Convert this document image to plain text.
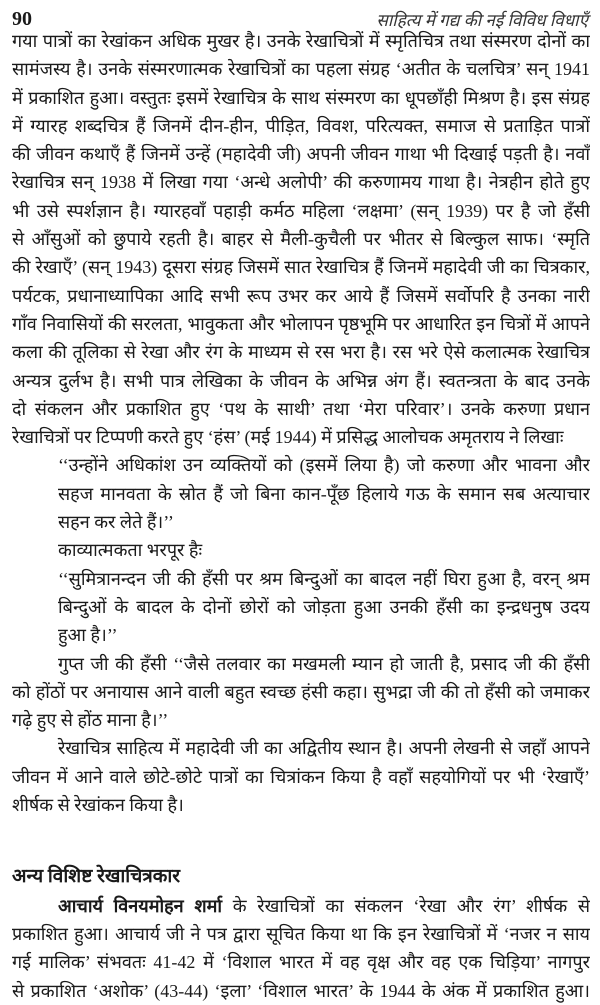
90	साहित्य में गद्य की नई विविध विधाएँ
गया पात्रों का रेखांकन अधिक मुखर है। उनके रेखाचित्रों में स्मृतिचित्र तथा संस्मरण दोनों का
सामंजस्य है। उनके संस्मरणात्मक रेखाचित्रों का पहला संग्रह ‘अतीत के चलचित्र’ सन् 1941
में प्रकाशित हुआ। वस्तुतः इसमें रेखाचित्र के साथ संस्मरण का धूपछाँही मिश्रण है। इस संग्रह
में ग्यारह शब्दचित्र हैं जिनमें दीन-हीन, पीड़ित, विवश, परित्यक्त, समाज से प्रताड़ित पात्रों
की जीवन कथाएँ हैं जिनमें उन्हें (महादेवी जी) अपनी जीवन गाथा भी दिखाई पड़ती है। नवाँ
रेखाचित्र सन् 1938 में लिखा गया ‘अन्धे अलोपी’ की करुणामय गाथा है। नेत्रहीन होते हुए
भी उसे स्पर्शज्ञान है। ग्यारहवाँ पहाड़ी कर्मठ महिला ‘लक्षमा’ (सन् 1939) पर है जो हँसी
से आँसुओं को छुपाये रहती है। बाहर से मैली-कुचैली पर भीतर से बिल्कुल साफ। ‘स्मृति
की रेखाएँ’ (सन् 1943) दूसरा संग्रह जिसमें सात रेखाचित्र हैं जिनमें महादेवी जी का चित्रकार,
पर्यटक, प्रधानाध्यापिका आदि सभी रूप उभर कर आये हैं जिसमें सर्वोपरि है उनका नारी
गाँव निवासियों की सरलता, भावुकता और भोलापन पृष्ठभूमि पर आधारित इन चित्रों में आपने
कला की तूलिका से रेखा और रंग के माध्यम से रस भरा है। रस भरे ऐसे कलात्मक रेखाचित्र
अन्यत्र दुर्लभ है। सभी पात्र लेखिका के जीवन के अभिन्न अंग हैं। स्वतन्त्रता के बाद उनके
दो संकलन और प्रकाशित हुए ‘पथ के साथी’ तथा ‘मेरा परिवार’। उनके करुणा प्रधान
रेखाचित्रों पर टिप्पणी करते हुए ‘हंस’ (मई 1944) में प्रसिद्ध आलोचक अमृतराय ने लिखाः
‘‘उन्होंने अधिकांश उन व्यक्तियों को (इसमें लिया है) जो करुणा और भावना और
सहज मानवता के स्रोत हैं जो बिना कान-पूँछ हिलाये गऊ के समान सब अत्याचार
सहन कर लेते हैं।’’
काव्यात्मकता भरपूर हैः
‘‘सुमित्रानन्दन जी की हँसी पर श्रम बिन्दुओं का बादल नहीं घिरा हुआ है, वरन् श्रम
बिन्दुओं के बादल के दोनों छोरों को जोड़ता हुआ उनकी हँसी का इन्द्रधनुष उदय
हुआ है।’’
गुप्त जी की हँसी ‘‘जैसे तलवार का मखमली म्यान हो जाती है, प्रसाद जी की हँसी
को होंठों पर अनायास आने वाली बहुत स्वच्छ हंसी कहा। सुभद्रा जी की तो हँसी को जमाकर
गढ़े हुए से होंठ माना है।’’
रेखाचित्र साहित्य में महादेवी जी का अद्वितीय स्थान है। अपनी लेखनी से जहाँ आपने
जीवन में आने वाले छोटे-छोटे पात्रों का चित्रांकन किया है वहाँ सहयोगियों पर भी ‘रेखाएँ’
शीर्षक से रेखांकन किया है।
अन्य विशिष्ट रेखाचित्रकार
आचार्य विनयमोहन शर्मा के रेखाचित्रों का संकलन ‘रेखा और रंग’ शीर्षक से
प्रकाशित हुआ। आचार्य जी ने पत्र द्वारा सूचित किया था कि इन रेखाचित्रों में ‘नजर न साय
गई मालिक’ संभवतः 41-42 में ‘विशाल भारत में वह वृक्ष और वह एक चिड़िया’ नागपुर
से प्रकाशित ‘अशोक’ (43-44) ‘इला’ ‘विशाल भारत’ के 1944 के अंक में प्रकाशित हुआ।
